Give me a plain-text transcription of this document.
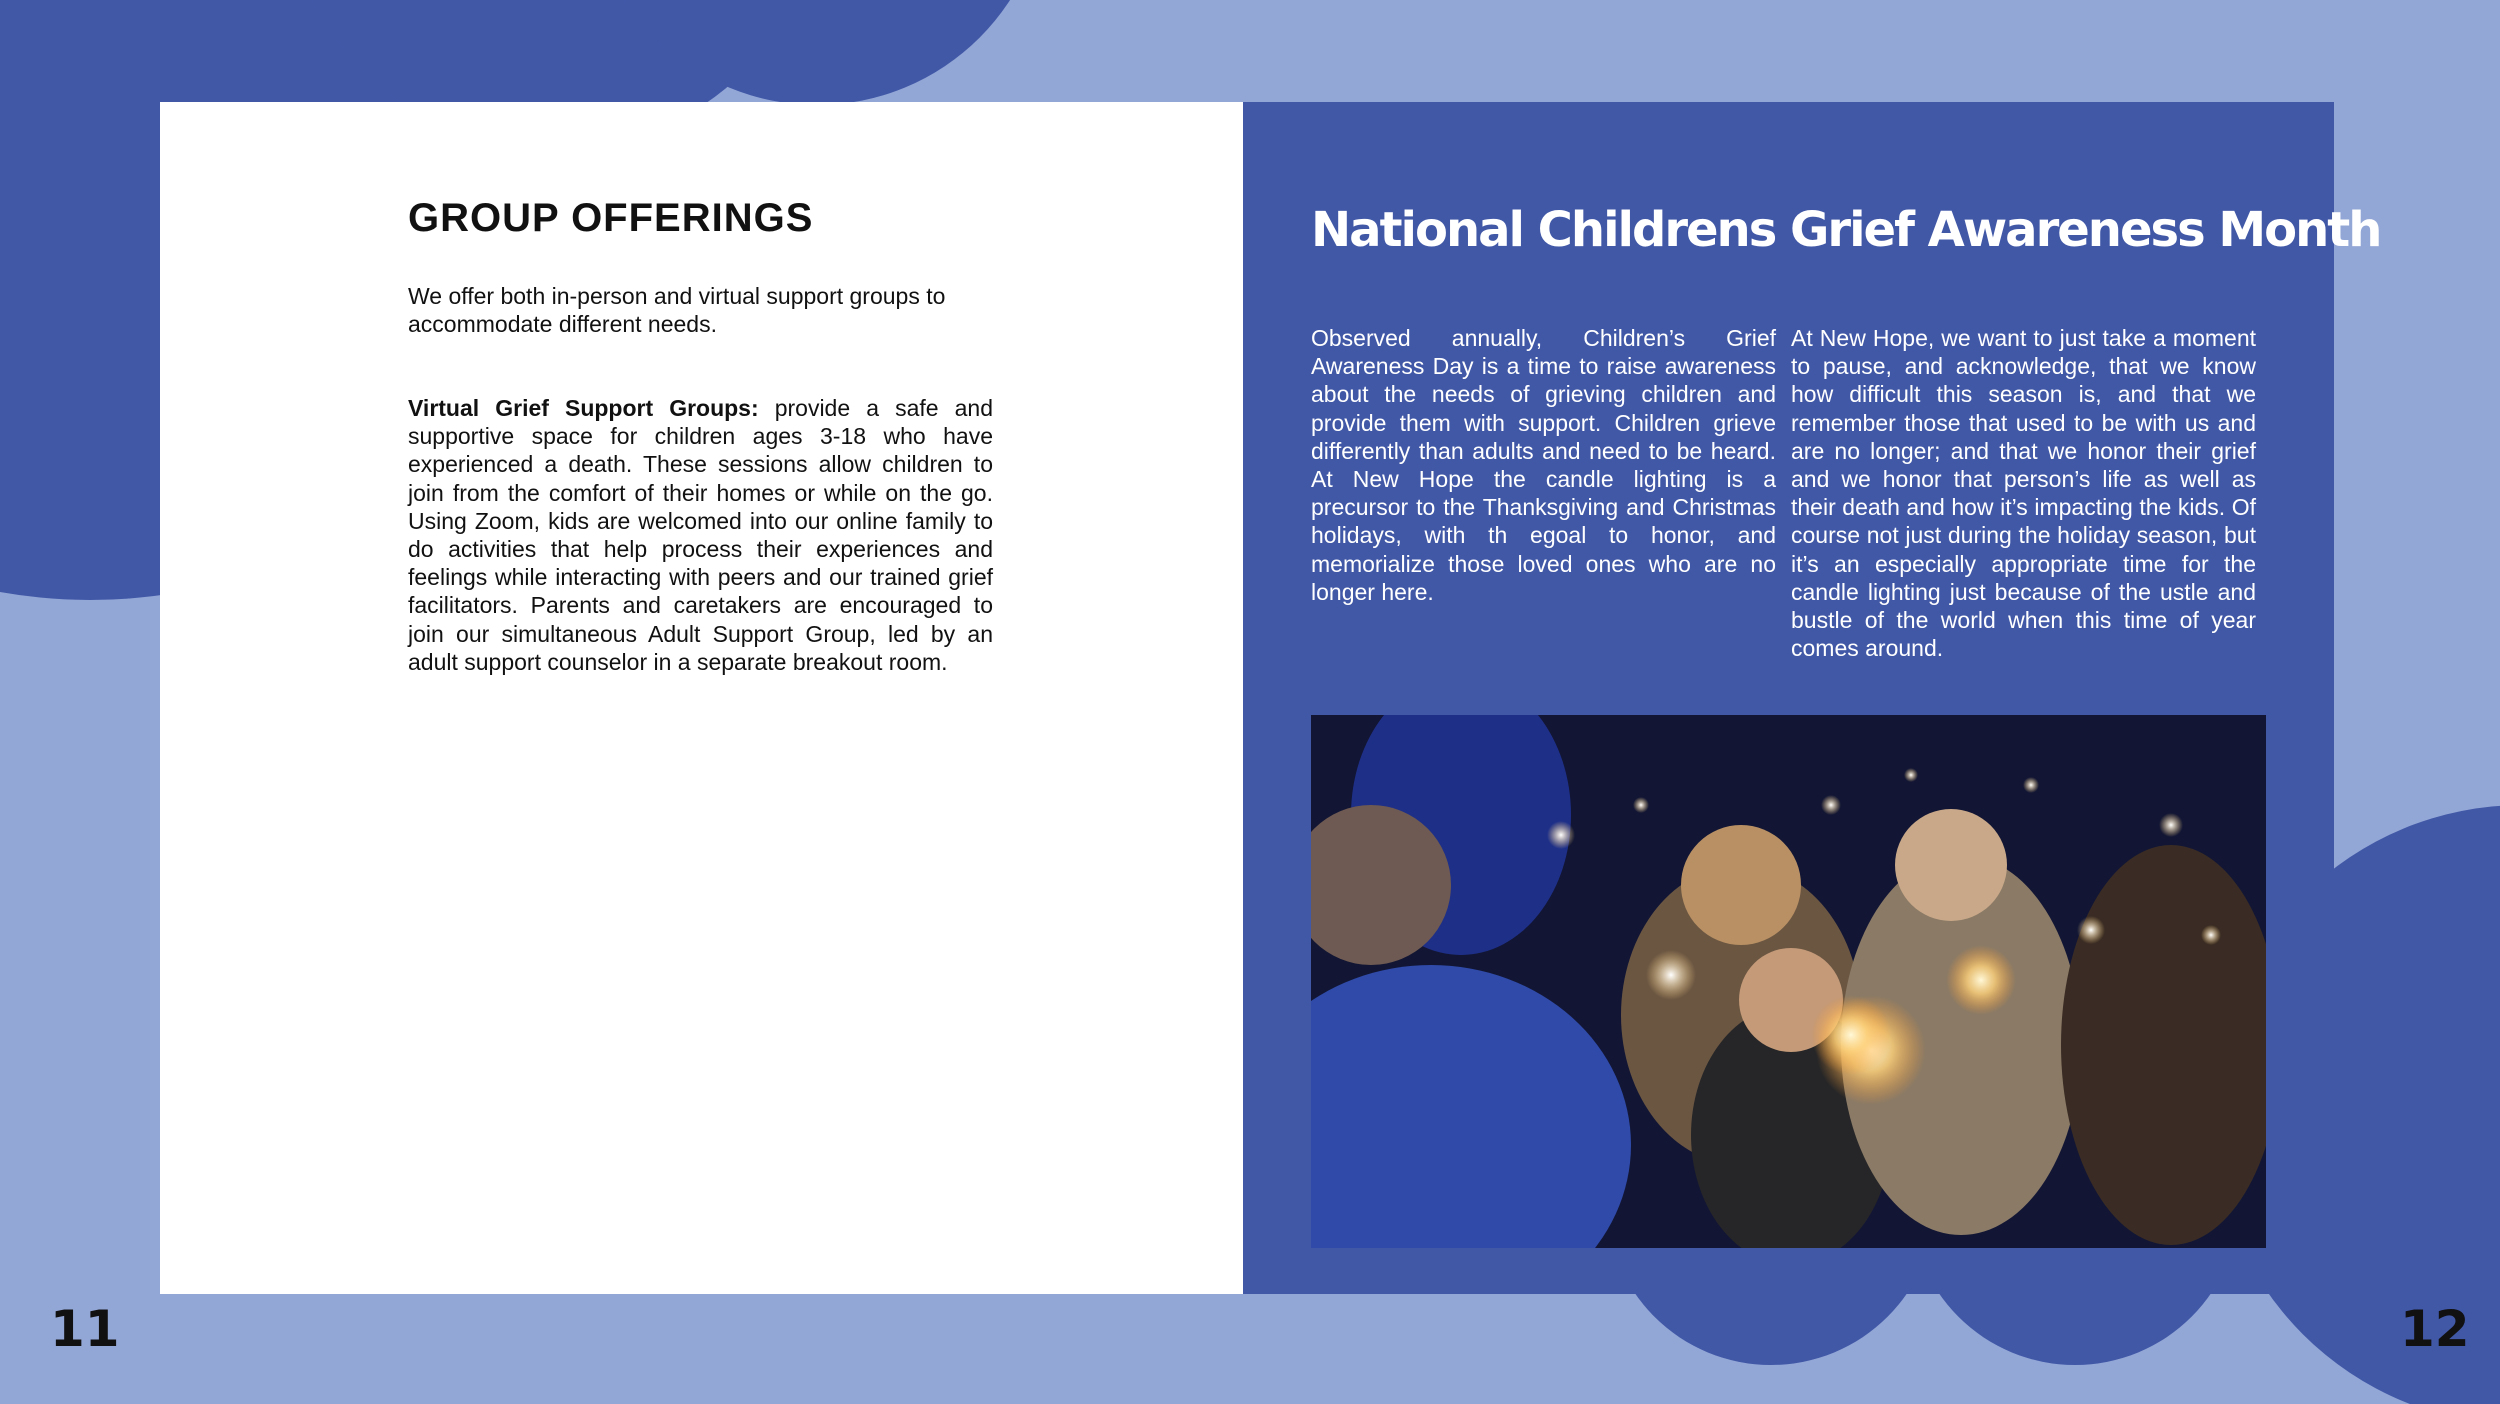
GROUP OFFERINGS

We offer both in-person and virtual support groups to accommodate different needs.

Virtual Grief Support Groups: provide a safe and supportive space for children ages 3-18 who have experienced a death. These sessions allow children to join from the comfort of their homes or while on the go. Using Zoom, kids are welcomed into our online family to do activities that help process their experiences and feelings while interacting with peers and our trained grief facilitators. Parents and caretakers are encouraged to join our simultaneous Adult Support Group, led by an adult support counselor in a separate breakout room.

National Childrens Grief Awareness Month

Observed annually, Children’s Grief Awareness Day is a time to raise awareness about the needs of grieving children and provide them with support. Children grieve differently than adults and need to be heard. At New Hope the candle lighting is a precursor to the Thanksgiving and Christmas holidays, with th egoal to honor, and memorialize those loved ones who are no longer here.

At New Hope, we want to just take a moment to pause, and acknowledge, that we know how difficult this season is, and that we remember those that used to be with us and are no longer; and that we honor their grief and we honor that person’s life as well as their death and how it’s impacting the kids. Of course not just during the holiday season, but it’s an especially appropriate time for the candle lighting just because of the ustle and bustle of the world when this time of year comes around.

11	12
